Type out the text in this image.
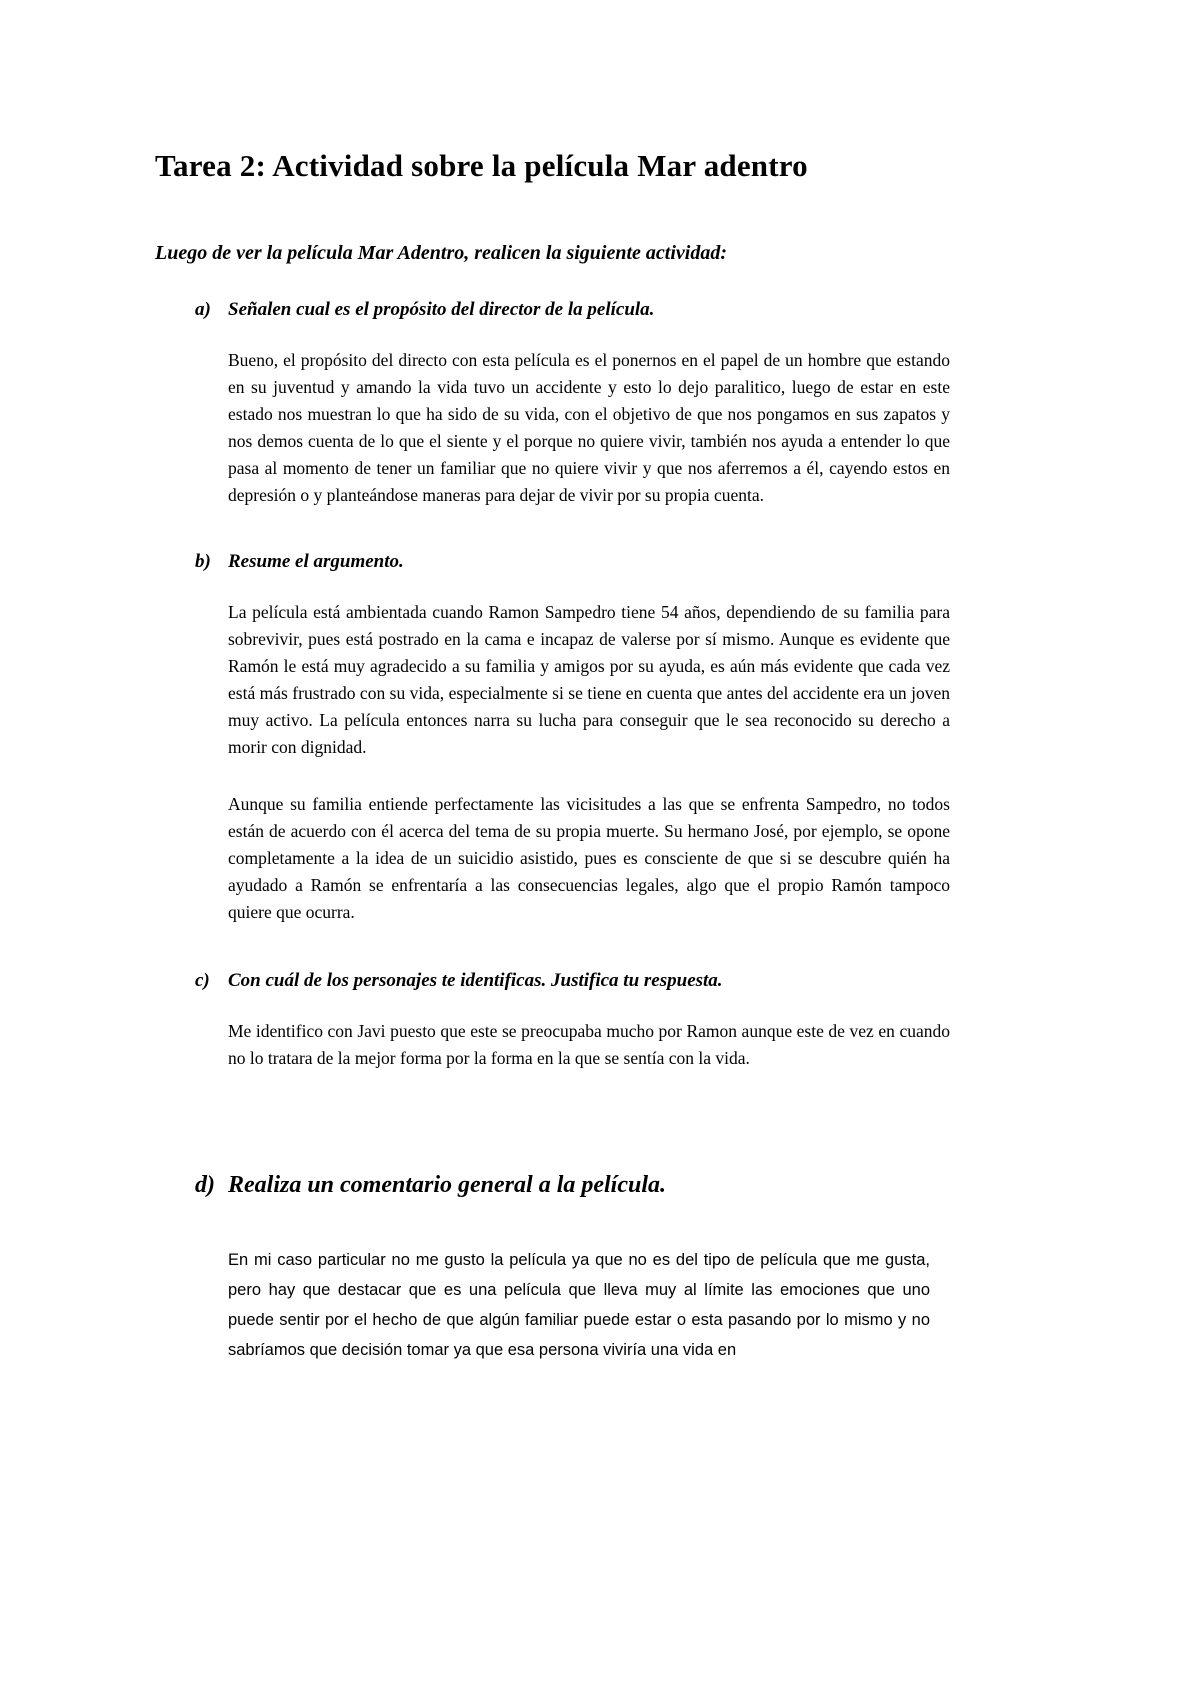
Tarea 2: Actividad sobre la película Mar adentro

Luego de ver la película Mar Adentro, realicen la siguiente actividad:

a) Señalen cual es el propósito del director de la película.

Bueno, el propósito del directo con esta película es el ponernos en el papel de un hombre que estando en su juventud y amando la vida tuvo un accidente y esto lo dejo paralitico, luego de estar en este estado nos muestran lo que ha sido de su vida, con el objetivo de que nos pongamos en sus zapatos y nos demos cuenta de lo que el siente y el porque no quiere vivir, también nos ayuda a entender lo que pasa al momento de tener un familiar que no quiere vivir y que nos aferremos a él, cayendo estos en depresión o y planteándose maneras para dejar de vivir por su propia cuenta.

b) Resume el argumento.

La película está ambientada cuando Ramon Sampedro tiene 54 años, dependiendo de su familia para sobrevivir, pues está postrado en la cama e incapaz de valerse por sí mismo. Aunque es evidente que Ramón le está muy agradecido a su familia y amigos por su ayuda, es aún más evidente que cada vez está más frustrado con su vida, especialmente si se tiene en cuenta que antes del accidente era un joven muy activo. La película entonces narra su lucha para conseguir que le sea reconocido su derecho a morir con dignidad.

Aunque su familia entiende perfectamente las vicisitudes a las que se enfrenta Sampedro, no todos están de acuerdo con él acerca del tema de su propia muerte. Su hermano José, por ejemplo, se opone completamente a la idea de un suicidio asistido, pues es consciente de que si se descubre quién ha ayudado a Ramón se enfrentaría a las consecuencias legales, algo que el propio Ramón tampoco quiere que ocurra.

c) Con cuál de los personajes te identificas. Justifica tu respuesta.

Me identifico con Javi puesto que este se preocupaba mucho por Ramon aunque este de vez en cuando no lo tratara de la mejor forma por la forma en la que se sentía con la vida.

d) Realiza un comentario general a la película.

En mi caso particular no me gusto la película ya que no es del tipo de película que me gusta, pero hay que destacar que es una película que lleva muy al límite las emociones que uno puede sentir por el hecho de que algún familiar puede estar o esta pasando por lo mismo y no sabríamos que decisión tomar ya que esa persona viviría una vida en
